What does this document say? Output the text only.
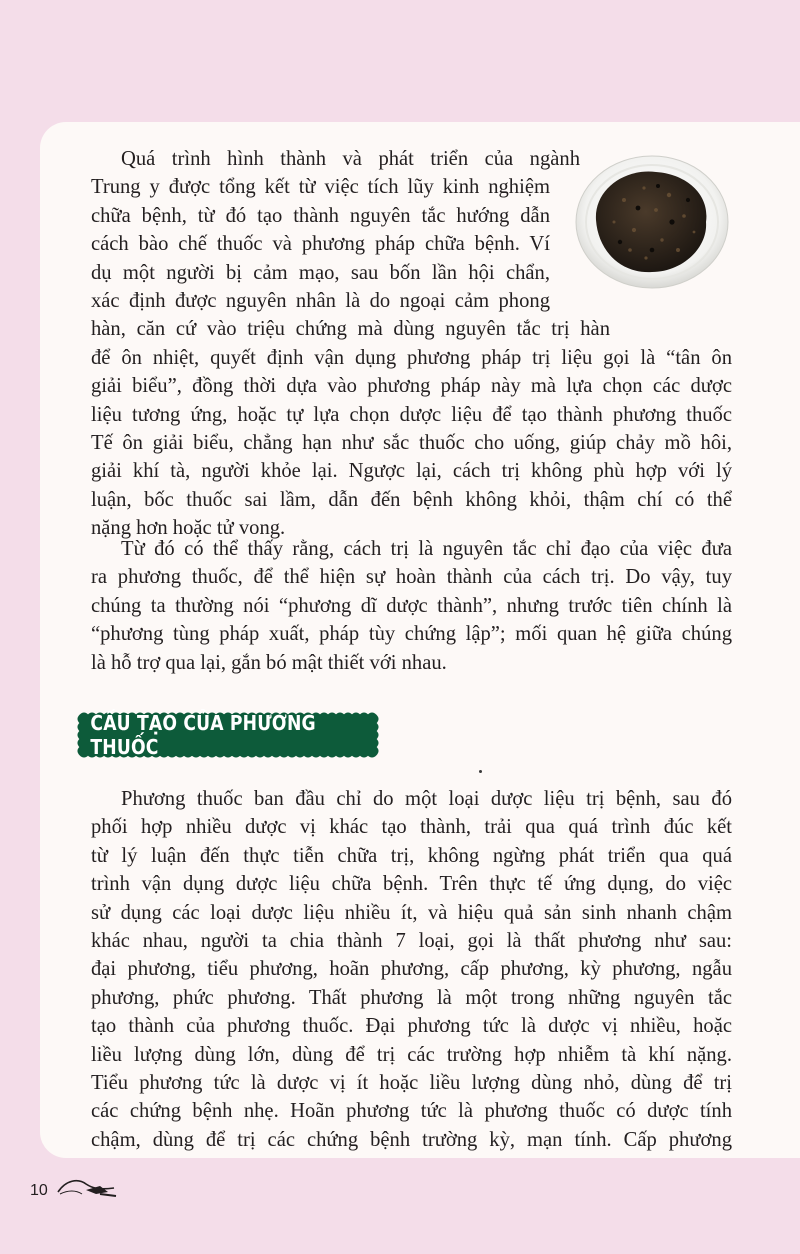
Quá trình hình thành và phát triển của ngành
Trung y được tổng kết từ việc tích lũy kinh nghiệm
chữa bệnh, từ đó tạo thành nguyên tắc hướng dẫn
cách bào chế thuốc và phương pháp chữa bệnh. Ví
dụ một người bị cảm mạo, sau bốn lần hội chẩn,
xác định được nguyên nhân là do ngoại cảm phong
hàn, căn cứ vào triệu chứng mà dùng nguyên tắc trị hàn
để ôn nhiệt, quyết định vận dụng phương pháp trị liệu gọi là “tân ôn
giải biểu”, đồng thời dựa vào phương pháp này mà lựa chọn các dược
liệu tương ứng, hoặc tự lựa chọn dược liệu để tạo thành phương thuốc
Tế ôn giải biểu, chẳng hạn như sắc thuốc cho uống, giúp chảy mồ hôi,
giải khí tà, người khỏe lại. Ngược lại, cách trị không phù hợp với lý
luận, bốc thuốc sai lầm, dẫn đến bệnh không khỏi, thậm chí có thể
nặng hơn hoặc tử vong.
Từ đó có thể thấy rằng, cách trị là nguyên tắc chỉ đạo của việc đưa
ra phương thuốc, để thể hiện sự hoàn thành của cách trị. Do vậy, tuy
chúng ta thường nói “phương dĩ dược thành”, nhưng trước tiên chính là
“phương tùng pháp xuất, pháp tùy chứng lập”; mối quan hệ giữa chúng
là hỗ trợ qua lại, gắn bó mật thiết với nhau.
CẤU TẠO CỦA PHƯƠNG THUỐC
Phương thuốc ban đầu chỉ do một loại dược liệu trị bệnh, sau đó
phối hợp nhiều dược vị khác tạo thành, trải qua quá trình đúc kết
từ lý luận đến thực tiễn chữa trị, không ngừng phát triển qua quá
trình vận dụng dược liệu chữa bệnh. Trên thực tế ứng dụng, do việc
sử dụng các loại dược liệu nhiều ít, và hiệu quả sản sinh nhanh chậm
khác nhau, người ta chia thành 7 loại, gọi là thất phương như sau:
đại phương, tiểu phương, hoãn phương, cấp phương, kỳ phương, ngẫu
phương, phức phương. Thất phương là một trong những nguyên tắc
tạo thành của phương thuốc. Đại phương tức là dược vị nhiều, hoặc
liều lượng dùng lớn, dùng để trị các trường hợp nhiễm tà khí nặng.
Tiểu phương tức là dược vị ít hoặc liều lượng dùng nhỏ, dùng để trị
các chứng bệnh nhẹ. Hoãn phương tức là phương thuốc có dược tính
chậm, dùng để trị các chứng bệnh trường kỳ, mạn tính. Cấp phương
10
